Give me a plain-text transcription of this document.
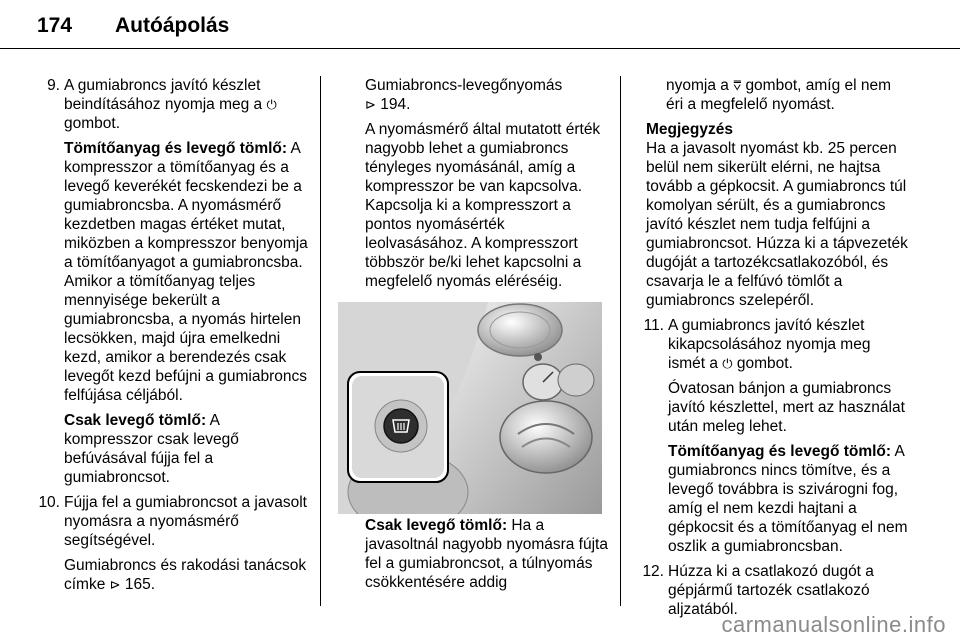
174 Autóápolás
9. A gumiabroncs javító készlet beindításához nyomja meg a ⏻
gombot.

Tömítőanyag és levegő tömlő: A kompresszor a tömítőanyag és a levegő keverékét fecskendezi be a gumiabroncsba. A nyomásmérő kezdetben magas értéket mutat, miközben a kompresszor benyomja a tömítőanyagot a gumiabroncsba. Amikor a tömítőanyag teljes mennyisége bekerült a gumiabroncsba, a nyomás hirtelen lecsökken, majd újra emelkedni kezd, amikor a berendezés csak levegőt kezd befújni a gumiabroncs felfújása céljából.

Csak levegő tömlő: A kompresszor csak levegő befúvásával fújja fel a gumiabroncsot.

10. Fújja fel a gumiabroncsot a javasolt nyomásra a nyomásmérő segítségével.

Gumiabroncs és rakodási tanácsok címke ⊳ 165.

Gumiabroncs-levegőnyomás
⊳ 194.

A nyomásmérő által mutatott érték nagyobb lehet a gumiabroncs tényleges nyomásánál, amíg a kompresszor be van kapcsolva. Kapcsolja ki a kompresszort a pontos nyomásérték leolvasásához. A kompresszort többször be/ki lehet kapcsolni a megfelelő nyomás eléréséig.

Csak levegő tömlő: Ha a javasoltnál nagyobb nyomásra fújta fel a gumiabroncsot, a túlnyomás csökkentésére addig

nyomja a ⩢ gombot, amíg el nem éri a megfelelő nyomást.

Megjegyzés

Ha a javasolt nyomást kb. 25 percen belül nem sikerült elérni, ne hajtsa tovább a gépkocsit. A gumiabroncs túl komolyan sérült, és a gumiabroncs javító készlet nem tudja felfújni a gumiabroncsot. Húzza ki a tápvezeték dugóját a tartozékcsatlakozóból, és csavarja le a felfúvó tömlőt a gumiabroncs szelepéről.

11. A gumiabroncs javító készlet kikapcsolásához nyomja meg ismét a ⏻ gombot.

Óvatosan bánjon a gumiabroncs javító készlettel, mert az használat után meleg lehet.

Tömítőanyag és levegő tömlő: A gumiabroncs nincs tömítve, és a levegő továbbra is szivárogni fog, amíg el nem kezdi hajtani a gépkocsit és a tömítőanyag el nem oszlik a gumiabroncsban.

12. Húzza ki a csatlakozó dugót a gépjármű tartozék csatlakozó aljzatából.

carmanualsonline.info
